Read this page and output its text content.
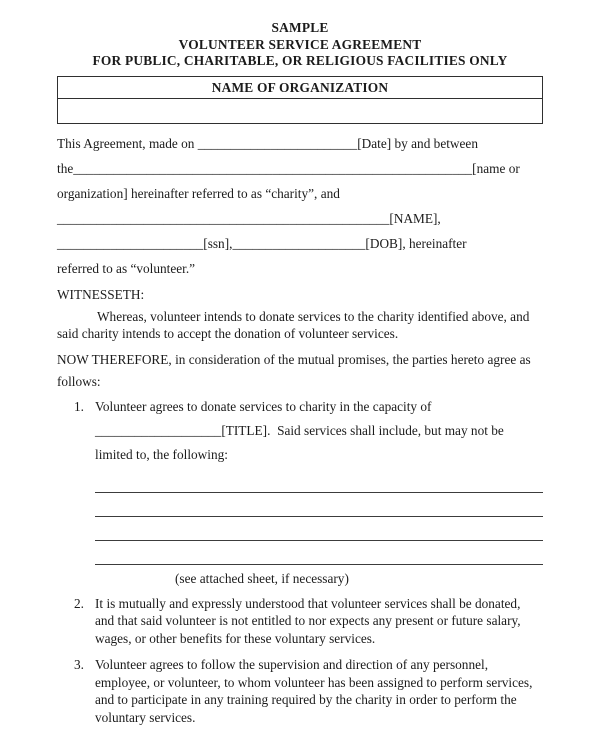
SAMPLE
VOLUNTEER SERVICE AGREEMENT
FOR PUBLIC, CHARITABLE, OR RELIGIOUS FACILITIES ONLY
NAME OF ORGANIZATION
This Agreement, made on ________________________[Date] by and between
the____________________________________________________________[name or
organization] hereinafter referred to as “charity”, and
__________________________________________________[NAME],
______________________[ssn],____________________[DOB], hereinafter
referred to as “volunteer.”
WITNESSETH:
Whereas, volunteer intends to donate services to the charity identified above, and
said charity intends to accept the donation of volunteer services.
NOW THEREFORE, in consideration of the mutual promises, the parties hereto agree as
follows:
1. Volunteer agrees to donate services to charity in the capacity of
___________________[TITLE].  Said services shall include, but may not be
limited to, the following:
(see attached sheet, if necessary)
2. It is mutually and expressly understood that volunteer services shall be donated,
and that said volunteer is not entitled to nor expects any present or future salary,
wages, or other benefits for these voluntary services.
3. Volunteer agrees to follow the supervision and direction of any personnel,
employee, or volunteer, to whom volunteer has been assigned to perform services,
and to participate in any training required by the charity in order to perform the
voluntary services.
